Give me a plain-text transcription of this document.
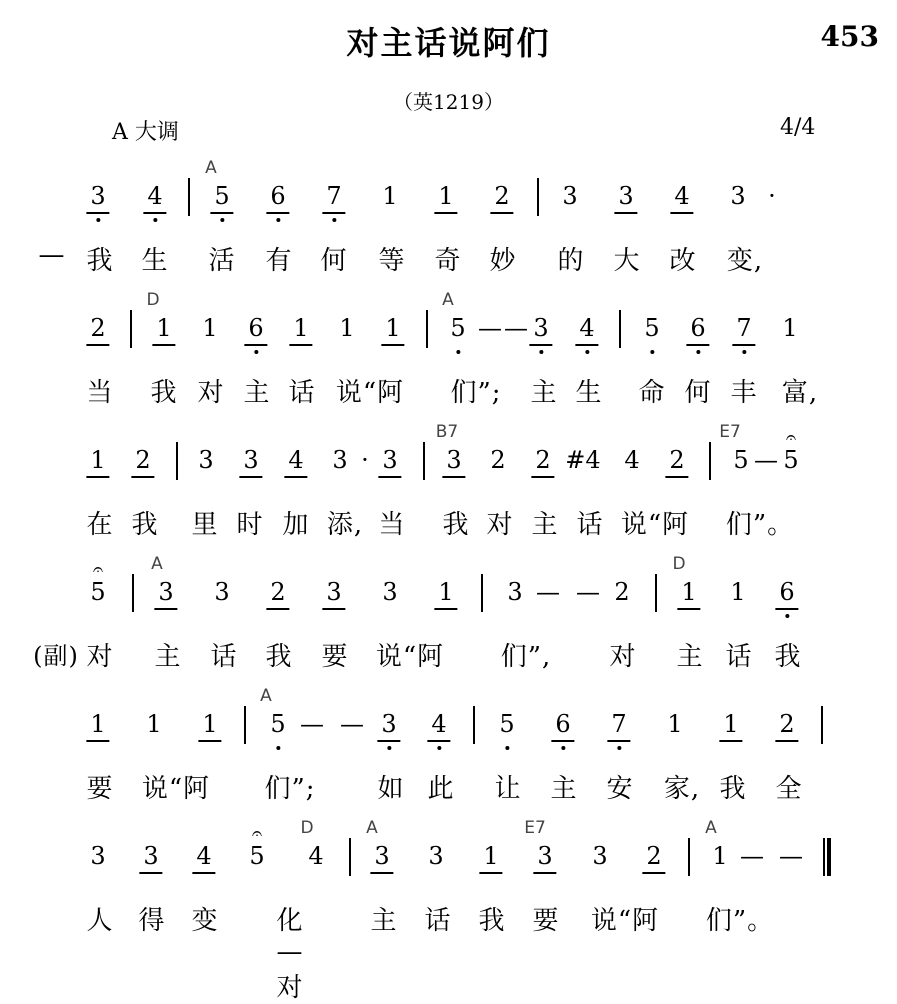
对主话说阿们	453
（英1219）
A 大调	4/4
A
3 4 5 6 7 1 1 2 3 3 4 3 ·
— 我 生 活 有 何 等 奇 妙 的 大 改 变,
D	A
2 1 1 6 1 1 1 5 — — 3 4 5 6 7 1
当 我 对 主 话 说“阿 们”; 主 生 命 何 丰 富,
B7	E7
1 2 3 3 4 3 · 3 3 2 2 #4 4 2 5 — 5
𝄐
在 我 里 时 加 添, 当 我 对 主 话 说“阿 们”。
A	D
5
𝄐
3 3 2 3 3 1 3 — — 2 1 1 6
(副) 对 主 话 我 要 说“阿 们”, 对 主 话 我
A
1 1 1 5 — — 3 4 5 6 7 1 1 2
要 说“阿 们”; 如 此 让 主 安 家, 我 全
D	A	E7	A
3 3 4 5
𝄐
4 3 3 1 3 3 2 1 — —
人 得 变 化—对
主 话 我 要 说“阿 们”。
